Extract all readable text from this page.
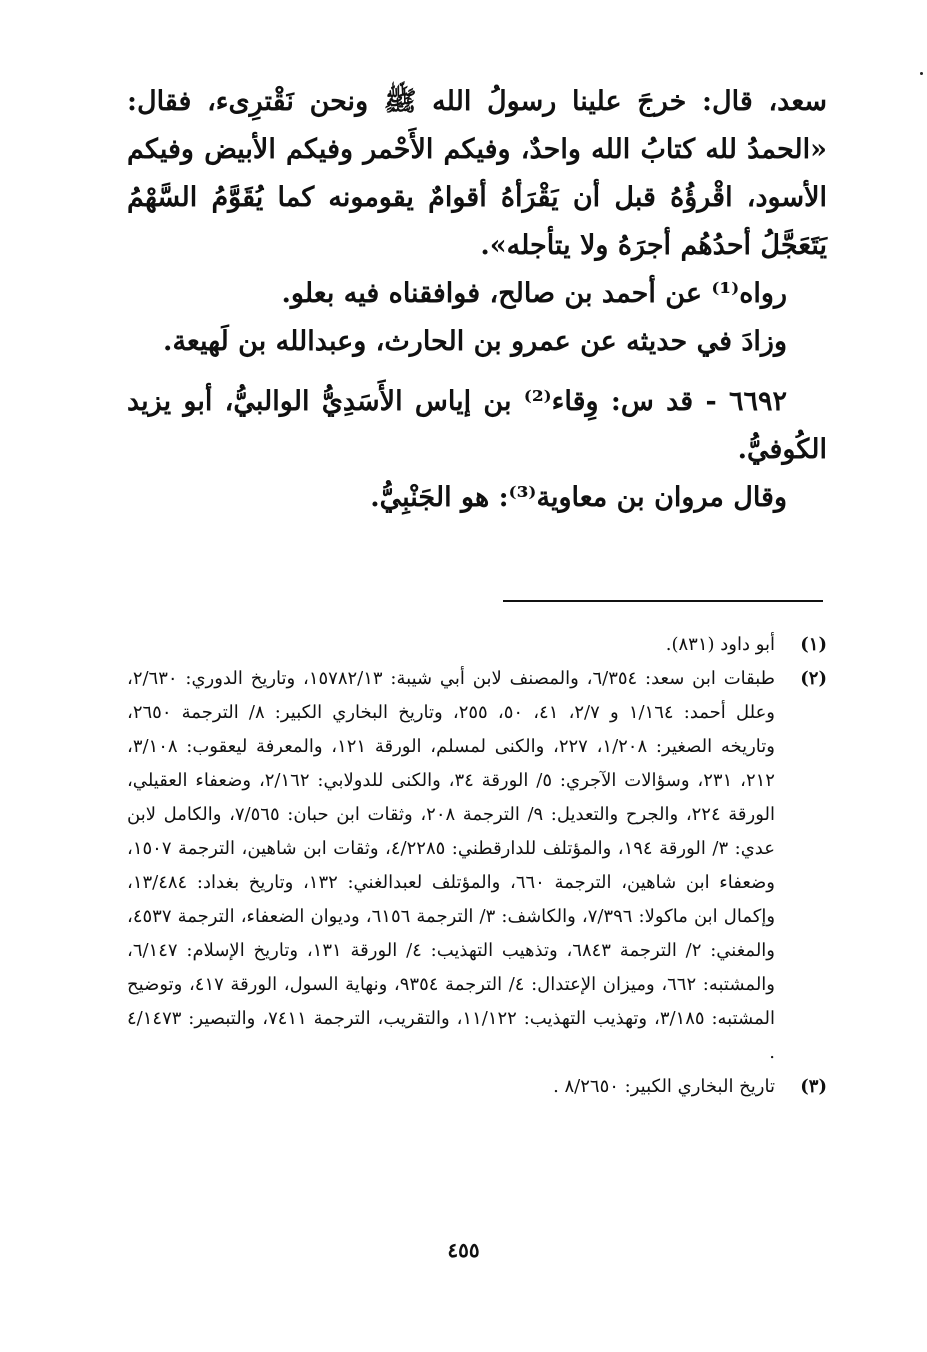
سعد، قال: خرجَ علينا رسولُ الله ﷺ ونحن نَقْترِىء، فقال: «الحمدُ لله كتابُ الله واحدٌ، وفيكم الأَحْمر وفيكم الأبيض وفيكم الأسود، اقْرؤُهُ قبل أن يَقْرَأهُ أقوامٌ يقومونه كما يُقَوَّمُ السَّهْمُ يَتَعَجَّلُ أحدُهُم أجرَهُ ولا يتأجله».

رواه⁽¹⁾ عن أحمد بن صالح، فوافقناه فيه بعلو.

وزادَ في حديثه عن عمرو بن الحارث، وعبدالله بن لَهيعة.

٦٦٩٢ - قد س: وِقاء⁽²⁾ بن إياس الأَسَدِيُّ الوالبيُّ، أبو يزيد الكُوفيُّ.

وقال مروان بن معاوية⁽³⁾: هو الجَنْبِيُّ.

(١)
أبو داود (٨٣١).
(٢)
طبقات ابن سعد: ٦/٣٥٤، والمصنف لابن أبي شيبة: ١٥٧٨٢/١٣، وتاريخ الدوري: ٢/٦٣٠، وعلل أحمد: ١/١٦٤ و ٢/٧، ٤١، ٥٠، ٢٥٥، وتاريخ البخاري الكبير: ٨/ الترجمة ٢٦٥٠، وتاريخه الصغير: ١/٢٠٨، ٢٢٧، والكنى لمسلم، الورقة ١٢١، والمعرفة ليعقوب: ٣/١٠٨، ٢١٢، ٢٣١، وسؤالات الآجري: ٥/ الورقة ٣٤، والكنى للدولابي: ٢/١٦٢، وضعفاء العقيلي، الورقة ٢٢٤، والجرح والتعديل: ٩/ الترجمة ٢٠٨، وثقات ابن حبان: ٧/٥٦٥، والكامل لابن عدي: ٣/ الورقة ١٩٤، والمؤتلف للدارقطني: ٤/٢٢٨٥، وثقات ابن شاهين، الترجمة ١٥٠٧، وضعفاء ابن شاهين، الترجمة ٦٦٠، والمؤتلف لعبدالغني: ١٣٢، وتاريخ بغداد: ١٣/٤٨٤، وإكمال ابن ماكولا: ٧/٣٩٦، والكاشف: ٣/ الترجمة ٦١٥٦، وديوان الضعفاء، الترجمة ٤٥٣٧، والمغني: ٢/ الترجمة ٦٨٤٣، وتذهيب التهذيب: ٤/ الورقة ١٣١، وتاريخ الإسلام: ٦/١٤٧، والمشتبه: ٦٦٢، وميزان الإعتدال: ٤/ الترجمة ٩٣٥٤، ونهاية السول، الورقة ٤١٧، وتوضيح المشتبه: ٣/١٨٥، وتهذيب التهذيب: ١١/١٢٢، والتقريب، الترجمة ٧٤١١، والتبصير: ٤/١٤٧٣ .
(٣)
تاريخ البخاري الكبير: ٨/٢٦٥٠ .
٤٥٥
